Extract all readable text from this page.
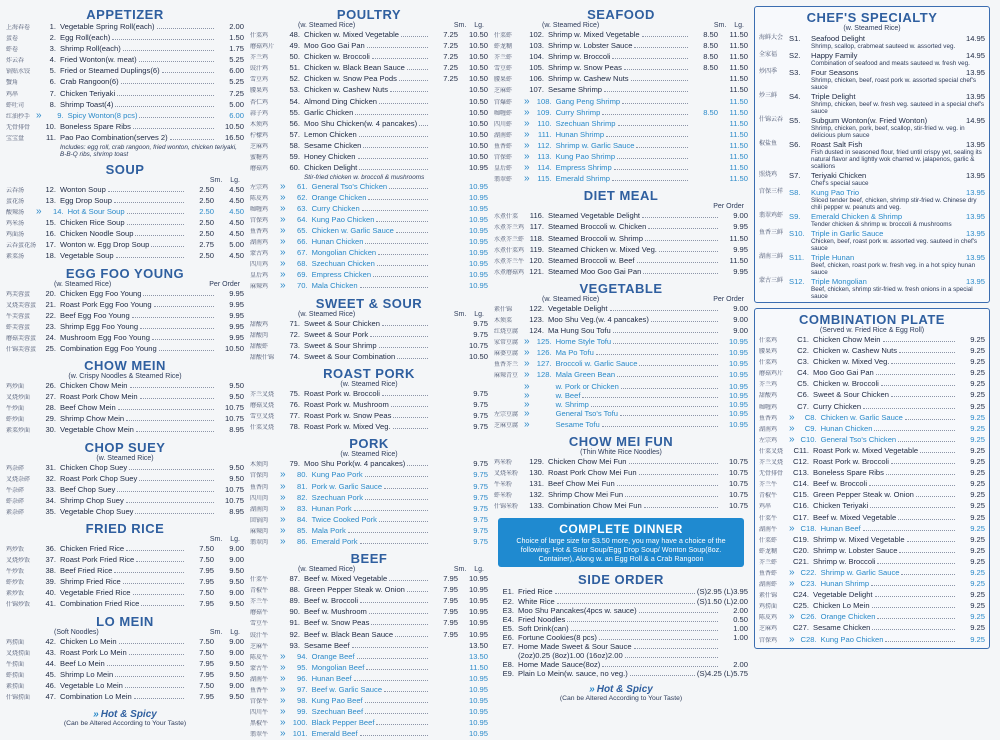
APPETIZER
上海春卷	1. Vegetable Spring Roll(each)	2.00
蛋卷	2. Egg Roll(each)	1.50
虾卷	3. Shrimp Roll(each)	1.75
炸云吞	4. Fried Wonton(w. meat)	5.25
锅贴水饺	5. Fried or Steamed Duplings(6)	6.00
蟹角	6. Crab Rangoon(6)	5.25
鸡串	7. Chicken Teriyaki	7.25
虾吐司	8. Shrimp Toast(4)	5.00
红油抄手 »	9. Spicy Wonton(8 pcs)	6.00
无骨排骨	10. Boneless Spare Ribs	10.50
宝宝盘	11. Pao Pao Combination(serves 2)	16.50
Includes: egg roll, crab rangoon, fried wonton, chicken teriyaki, B-B-Q ribs, shrimp toast
SOUP
Sm. Lg.
云吞汤	12. Wonton Soup	2.50	4.50
蛋花汤	13. Egg Drop Soup	2.50	4.50
酸辣汤	»	14. Hot & Sour Soup	2.50	4.50
鸡米汤	15. Chicken Rice Soup	2.50	4.50
鸡面汤	16. Chicken Noodle Soup	2.50	4.50
云吞蛋花汤	17. Wonton w. Egg Drop Soup	2.75	5.00
素菜汤	18. Vegetable Soup	2.50	4.50
EGG FOO YOUNG
(w. Steamed Rice)	Per Order
鸡芙蓉蛋	20. Chicken Egg Foo Young	9.95
叉烧芙蓉蛋	21. Roast Pork Egg Foo Young	9.95
牛芙蓉蛋	22. Beef Egg Foo Young	9.95
虾芙蓉蛋	23. Shrimp Egg Foo Young	9.95
蘑菇芙蓉蛋	24. Mushroom Egg Foo Young	9.95
什锦芙蓉蛋	25. Combination Egg Foo Young	10.50
CHOW MEIN
(w. Crispy Noodles & Steamed Rice)
鸡炒面	26. Chicken Chow Mein	9.50
叉烧炒面	27. Roast Pork Chow Mein	9.50
牛炒面	28. Beef Chow Mein	10.75
虾炒面	29. Shrimp Chow Mein	10.75
素菜炒面	30. Vegetable Chow Mein	8.95
CHOP SUEY
(w. Steamed Rice)
鸡杂碎	31. Chicken Chop Suey	9.50
叉烧杂碎	32. Roast Pork Chop Suey	9.50
牛杂碎	33. Beef Chop Suey	10.75
虾杂碎	34. Shrimp Chop Suey	10.75
素杂碎	35. Vegetable Chop Suey	8.95
FRIED RICE
Sm. Lg.
鸡炒饭	36. Chicken Fried Rice	7.50	9.00
叉烧炒饭	37. Roast Pork Fried Rice	7.50	9.00
牛炒饭	38. Beef Fried Rice	7.95	9.50
虾炒饭	39. Shrimp Fried Rice	7.95	9.50
素炒饭	40. Vegetable Fried Rice	7.50	9.00
什锦炒饭	41. Combination Fried Rice	7.95	9.50
LO MEIN
(Soft Noodles)	Sm. Lg.
鸡捞面	42. Chicken Lo Mein	7.50	9.00
叉烧捞面	43. Roast Pork Lo Mein	7.50	9.00
牛捞面	44. Beef Lo Mein	7.95	9.50
虾捞面	45. Shrimp Lo Mein	7.95	9.50
素捞面	46. Vegetable Lo Mein	7.50	9.00
什锦捞面	47. Combination Lo Mein	7.95	9.50
» Hot & Spicy
(Can be Altered According to Your Taste)
POULTRY
(w. Steamed Rice)	Sm. Lg.
什菜鸡	48. Chicken w. Mixed Vegetable	7.25	10.50
蘑菇鸡片	49. Moo Goo Gai Pan	7.25	10.50
芥兰鸡	50. Chicken w. Broccoli	7.25	10.50
豉汁鸡	51. Chicken w. Black Bean Sauce	7.25	10.50
雪豆鸡	52. Chicken w. Snow Pea Pods	7.25	10.50
腰果鸡	53. Chicken w. Cashew Nuts	10.50
杏仁鸡	54. Almond Ding Chicken	10.50
蒜子鸡	55. Garlic Chicken	10.50
木须鸡	56. Moo Shu Chicken(w. 4 pancakes)	10.50
柠檬鸡	57. Lemon Chicken	10.50
芝麻鸡	58. Sesame Chicken	10.50
蜜糖鸡	59. Honey Chicken	10.50
蘑菇鸡	60. Chicken Delight	10.95
Stir-fried chicken w. broccoli & mushrooms
左宗鸡	»	61. General Tso's Chicken	10.95
陈皮鸡	»	62. Orange Chicken	10.95
咖喱鸡	»	63. Curry Chicken	10.95
宫保鸡	»	64. Kung Pao Chicken	10.95
鱼香鸡	»	65. Chicken w. Garlic Sauce	10.95
湖南鸡	»	66. Hunan Chicken	10.95
蒙古鸡	»	67. Mongolian Chicken	10.95
四川鸡	»	68. Szechuan Chicken	10.95
皇后鸡	»	69. Empress Chicken	10.95
麻辣鸡	»	70. Mala Chicken	10.95
SWEET & SOUR
(w. Steamed Rice)	Sm. Lg.
甜酸鸡	71. Sweet & Sour Chicken	9.75
甜酸肉	72. Sweet & Sour Pork	9.75
甜酸虾	73. Sweet & Sour Shrimp	10.75
甜酸什锦	74. Sweet & Sour Combination	10.50
ROAST PORK
(w. Steamed Rice)
芥兰叉烧	75. Roast Pork w. Broccoli	9.75
蘑菇叉烧	76. Roast Pork w. Mushroom	9.75
雪豆叉烧	77. Roast Pork w. Snow Peas	9.75
什菜叉烧	78. Roast Pork w. Mixed Veg.	9.75
PORK
(w. Steamed Rice)
木须肉	79. Moo Shu Pork(w. 4 pancakes)	9.75
宫保肉	»	80. Kung Pao Pork	9.75
鱼香肉	»	81. Pork w. Garlic Sauce	9.75
四川肉	»	82. Szechuan Pork	9.75
湖南肉	»	83. Hunan Pork	9.75
回锅肉	»	84. Twice Cooked Pork	9.75
麻辣肉	»	85. Mala Pork	9.75
翡翠肉	»	86. Emerald Pork	9.75
BEEF
(w. Steamed Rice)	Sm. Lg.
什菜牛	87. Beef w. Mixed Vegetable	7.95	10.95
青椒牛	88. Green Pepper Steak w. Onion	7.95	10.95
芥兰牛	89. Beef w. Broccoli	7.95	10.95
蘑菇牛	90. Beef w. Mushroom	7.95	10.95
雪豆牛	91. Beef w. Snow Peas	7.95	10.95
豉汁牛	92. Beef w. Black Bean Sauce	7.95	10.95
芝麻牛	93. Sesame Beef	13.50
陈皮牛	»	94. Orange Beef	13.50
蒙古牛	»	95. Mongolian Beef	11.50
湖南牛	»	96. Hunan Beef	10.95
鱼香牛	»	97. Beef w. Garlic Sauce	10.95
宫保牛	»	98. Kung Pao Beef	10.95
四川牛	»	99. Szechuan Beef	10.95
黑椒牛	» 100. Black Pepper Beef	10.95
翡翠牛	» 101. Emerald Beef	10.95
SEAFOOD
(w. Steamed Rice)	Sm. Lg.
什菜虾	102. Shrimp w. Mixed Vegetable	8.50	11.50
虾龙糊	103. Shrimp w. Lobster Sauce	8.50	11.50
芥兰虾	104. Shrimp w. Broccoli	8.50	11.50
雪豆虾	105. Shrimp w. Snow Peas	8.50	11.50
腰果虾	106. Shrimp w. Cashew Nuts	11.50
芝麻虾	107. Sesame Shrimp	11.50
宫爆虾	» 108. Gang Peng Shrimp	11.50
咖喱虾	» 109. Curry Shrimp	8.50	11.50
四川虾	»	110. Szechuan Shrimp	11.50
湖南虾	»	111. Hunan Shrimp	11.50
鱼香虾	»	112. Shrimp w. Garlic Sauce	11.50
宫保虾	»	113. Kung Pao Shrimp	11.50
皇后虾	»	114. Empress Shrimp	11.50
翡翠虾	»	115. Emerald Shrimp	11.50
DIET MEAL
Per Order
水煮什菜	116. Steamed Vegetable Delight	9.00
水煮芥兰鸡 117. Steamed Broccoli w. Chicken	9.95
水煮芥兰虾 118. Steamed Broccoli w. Shrimp	11.50
水煮什菜鸡 119. Steamed Chicken w. Mixed Veg.	9.95
水煮芥兰牛 120. Steamed Broccoli w. Beef	11.50
水煮蘑菇鸡 121. Steamed Moo Goo Gai Pan	9.95
VEGETABLE
(w. Steamed Rice)	Per Order
素什锦	122. Vegetable Delight	9.00
木须菜	123. Moo Shu Veg.(w. 4 pancakes)	9.00
红烧豆腐	124. Ma Hung Sou Tofu	9.00
家常豆腐 » 125. Home Style Tofu	10.95
麻婆豆腐 » 126. Ma Po Tofu	10.95
鱼香芥兰 » 127. Broccoli w. Garlic Sauce	10.95
麻辣青豆 » 128. Mala Green Bean	10.95
»	w. Pork or Chicken	10.95
»	w. Beef	10.95
»	w. Shrimp	10.95
左宗豆腐 »	General Tso's Tofu	10.95
芝麻豆腐 »	Sesame Tofu	10.95
CHOW MEI FUN
(Thin White Rice Noodles)
鸡米粉	129. Chicken Chow Mei Fun	10.75
叉烧米粉	130. Roast Pork Chow Mei Fun	10.75
牛米粉	131. Beef Chow Mei Fun	10.75
虾米粉	132. Shrimp Chow Mei Fun	10.75
什锦米粉	133. Combination Chow Mei Fun	10.75
COMPLETE DINNER
Choice of large size for $3.50 more, you may have a choice of the following: Hot & Sour Soup/Egg Drop Soup/ Wonton Soup(8oz. Container), Along w. an Egg Roll & a Crab Rangoon
SIDE ORDER
E1. Fried Rice	(S)2.95 (L)3.95
E2. White Rice	(S)1.50 (L)2.00
E3. Moo Shu Pancakes(4pcs w. sauce)	2.00
E4. Fried Noodles	0.50
E5. Soft Drink(can)	1.00
E6. Fortune Cookies(8 pcs)	1.00
E7. Home Made Sweet & Sour Sauce
(2oz)0.25 (8oz)1.00 (16oz)2.00
E8. Home Made Sauce(8oz)	2.00
E9. Plain Lo Mein(w. sauce, no veg.)	(S)4.25 (L)5.75
» Hot & Spicy
(Can be Altered According to Your Taste)
CHEF'S SPECIALTY
(w. Steamed Rice)
海鲜大会 S1.	Seafood Delight	14.95
Shrimp, scallop, crabmeat sauteed w. assorted veg.
全家福	S2.	Happy Family	14.95
Combination of seafood and meats sauteed w. fresh veg.
炒四季	S3.	Four Seasons	13.95
Shrimp, chicken, beef, roast pork w. assorted special chef's sauce
炒三鲜	S4.	Triple Delight	13.95
Shrimp, chicken, beef w. fresh veg. sauteed in a special chef's sauce
什锦云吞 S5.	Subgum Wonton(w. Fried Wonton)	14.95
Shrimp, chicken, pork, beef, scallop, stir-fried w. veg. in delicious plum sauce
椒盐鱼	S6.	Roast Salt Fish	13.95
Fish dusted in seasoned flour, fried until crispy yet, sealing its natural flavor and lightly wok charred w. jalapenos, garlic & scallions
照烧鸡	S7.	Teriyaki Chicken	13.95
Chef's special sauce
宫保三样 S8.	Kung Pao Trio	13.95
Sliced tender beef, chicken, shrimp stir-fried w. Chinese dry chili pepper w. peanuts and veg.
翡翠鸡虾 S9.	Emerald Chicken & Shrimp	13.95
Tender chicken & shrimp w. broccoli & mushrooms
鱼香三鲜 S10. Triple in Garlic Sauce	13.95
Chicken, beef, roast pork w. assorted veg. sauteed in chef's sauce
湖南三鲜 S11. Triple Hunan	13.95
Beef, chicken, roast pork w. fresh veg. in a hot spicy hunan sauce
蒙古三鲜 S12. Triple Mongolian	13.95
Beef, chicken, shrimp stir-fried w. fresh onions in a special sauce
COMBINATION PLATE
(Served w. Fried Rice & Egg Roll)
什菜鸡	C1. Chicken Chow Mein	9.25
腰果鸡	C2. Chicken w. Cashew Nuts	9.25
什菜鸡	C3. Chicken w. Mixed Veg.	9.25
蘑菇鸡片	C4. Moo Goo Gai Pan	9.25
芥兰鸡	C5. Chicken w. Broccoli	9.25
甜酸鸡	C6. Sweet & Sour Chicken	9.25
咖喱鸡	C7. Curry Chicken	9.25
鱼香鸡	»	C8. Chicken w. Garlic Sauce	9.25
湖南鸡	»	C9. Hunan Chicken	9.25
左宗鸡	» C10. General Tso's Chicken	9.25
什菜叉烧	C11. Roast Pork w. Mixed Vegetable	9.25
芥兰叉烧	C12. Roast Pork w. Broccoli	9.25
无骨排骨	C13. Boneless Spare Ribs	9.25
芥兰牛	C14. Beef w. Broccoli	9.25
青椒牛	C15. Green Pepper Steak w. Onion	9.25
鸡串	C16. Chicken Teriyaki	9.25
什菜牛	C17. Beef w. Mixed Vegetable	9.25
湖南牛	» C18. Hunan Beef	9.25
什菜虾	C19. Shrimp w. Mixed Vegetable	9.25
虾龙糊	C20. Shrimp w. Lobster Sauce	9.25
芥兰虾	C21. Shrimp w. Broccoli	9.25
鱼香虾	» C22. Shrimp w. Garlic Sauce	9.25
湖南虾	» C23. Hunan Shrimp	9.25
素什锦	C24. Vegetable Delight	9.25
鸡捞面	C25. Chicken Lo Mein	9.25
陈皮鸡	» C26. Orange Chicken	9.25
芝麻鸡	C27. Sesame Chicken	9.25
宫保鸡	» C28. Kung Pao Chicken	9.25
